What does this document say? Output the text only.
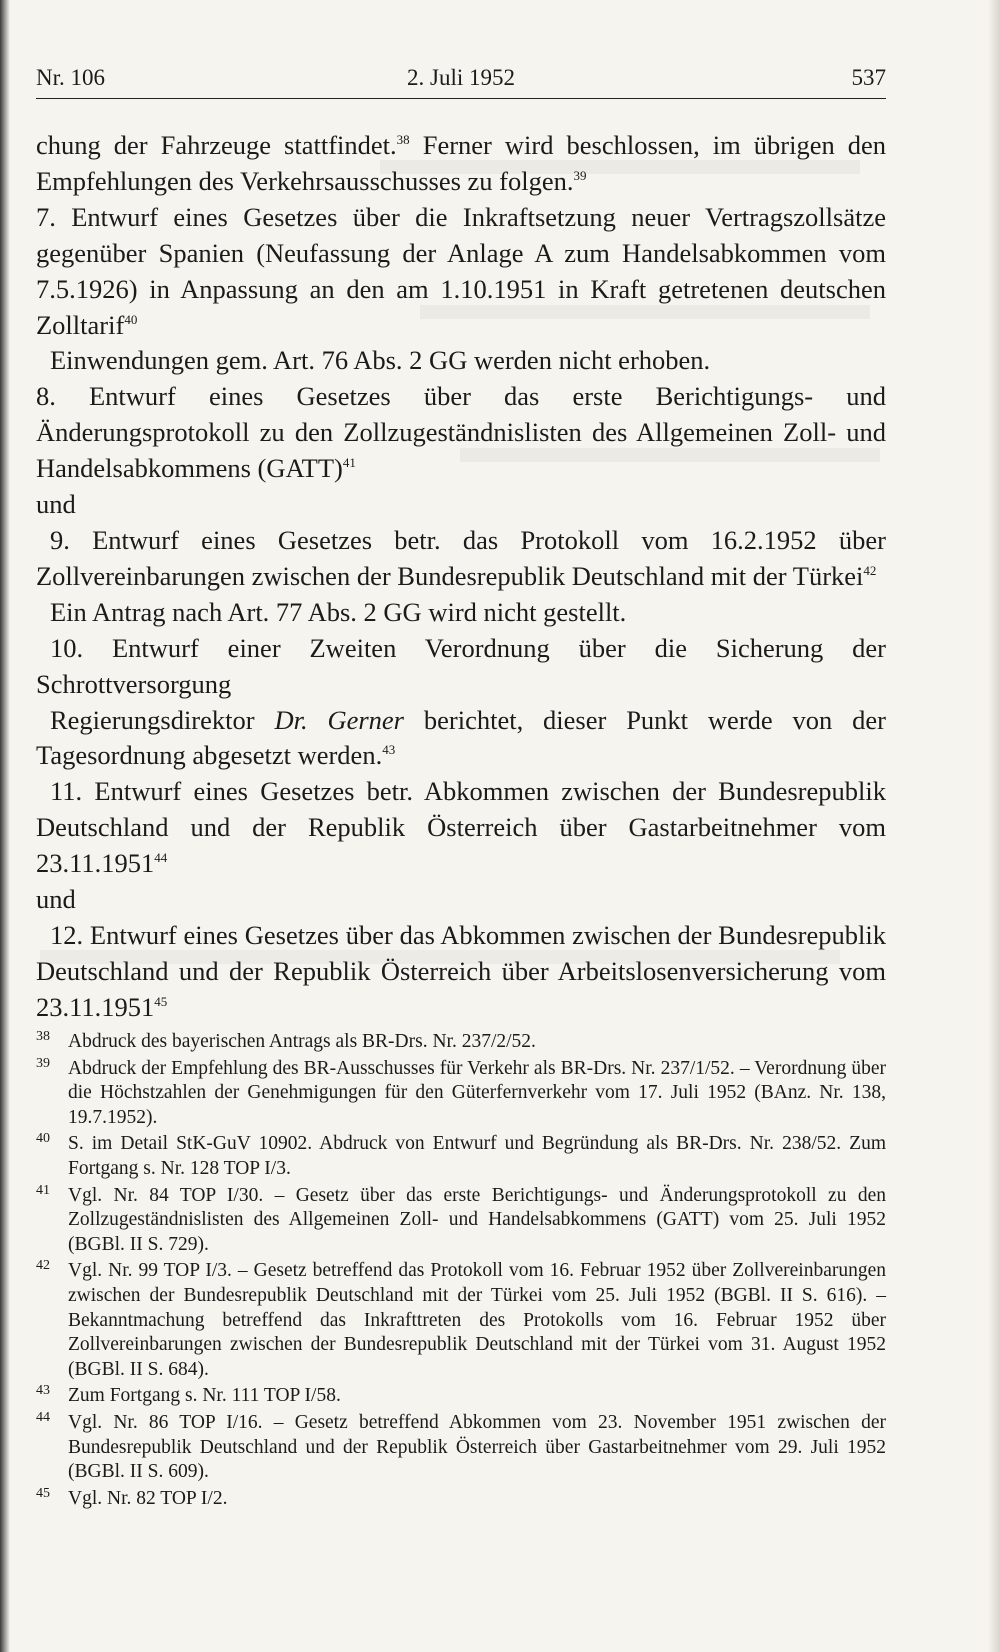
Nr. 106	2. Juli 1952	537

chung der Fahrzeuge stattfindet.$^{38}$ Ferner wird beschlossen, im übrigen den Empfehlungen des Verkehrsausschusses zu folgen.$^{39}$

7. Entwurf eines Gesetzes über die Inkraftsetzung neuer Vertragszollsätze gegenüber Spanien (Neufassung der Anlage A zum Handelsabkommen vom 7.5.1926) in Anpassung an den am 1.10.1951 in Kraft getretenen deutschen Zolltarif$^{40}$

Einwendungen gem. Art. 76 Abs. 2 GG werden nicht erhoben.

8. Entwurf eines Gesetzes über das erste Berichtigungs- und Änderungsprotokoll zu den Zollzugeständnislisten des Allgemeinen Zoll- und Handelsabkommens (GATT)$^{41}$

und

9. Entwurf eines Gesetzes betr. das Protokoll vom 16.2.1952 über Zollvereinbarungen zwischen der Bundesrepublik Deutschland mit der Türkei$^{42}$

Ein Antrag nach Art. 77 Abs. 2 GG wird nicht gestellt.

10. Entwurf einer Zweiten Verordnung über die Sicherung der Schrottversorgung

Regierungsdirektor Dr. Gerner berichtet, dieser Punkt werde von der Tagesordnung abgesetzt werden.$^{43}$

11. Entwurf eines Gesetzes betr. Abkommen zwischen der Bundesrepublik Deutschland und der Republik Österreich über Gastarbeitnehmer vom 23.11.1951$^{44}$

und

12. Entwurf eines Gesetzes über das Abkommen zwischen der Bundesrepublik Deutschland und der Republik Österreich über Arbeitslosenversicherung vom 23.11.1951$^{45}$

38 Abdruck des bayerischen Antrags als BR-Drs. Nr. 237/2/52.
39 Abdruck der Empfehlung des BR-Ausschusses für Verkehr als BR-Drs. Nr. 237/1/52. – Verordnung über die Höchstzahlen der Genehmigungen für den Güterfernverkehr vom 17. Juli 1952 (BAnz. Nr. 138, 19.7.1952).
40 S. im Detail StK-GuV 10902. Abdruck von Entwurf und Begründung als BR-Drs. Nr. 238/52. Zum Fortgang s. Nr. 128 TOP I/3.
41 Vgl. Nr. 84 TOP I/30. – Gesetz über das erste Berichtigungs- und Änderungsprotokoll zu den Zollzugeständnislisten des Allgemeinen Zoll- und Handelsabkommens (GATT) vom 25. Juli 1952 (BGBl. II S. 729).
42 Vgl. Nr. 99 TOP I/3. – Gesetz betreffend das Protokoll vom 16. Februar 1952 über Zollvereinbarungen zwischen der Bundesrepublik Deutschland mit der Türkei vom 25. Juli 1952 (BGBl. II S. 616). – Bekanntmachung betreffend das Inkrafttreten des Protokolls vom 16. Februar 1952 über Zollvereinbarungen zwischen der Bundesrepublik Deutschland mit der Türkei vom 31. August 1952 (BGBl. II S. 684).
43 Zum Fortgang s. Nr. 111 TOP I/58.
44 Vgl. Nr. 86 TOP I/16. – Gesetz betreffend Abkommen vom 23. November 1951 zwischen der Bundesrepublik Deutschland und der Republik Österreich über Gastarbeitnehmer vom 29. Juli 1952 (BGBl. II S. 609).
45 Vgl. Nr. 82 TOP I/2.
